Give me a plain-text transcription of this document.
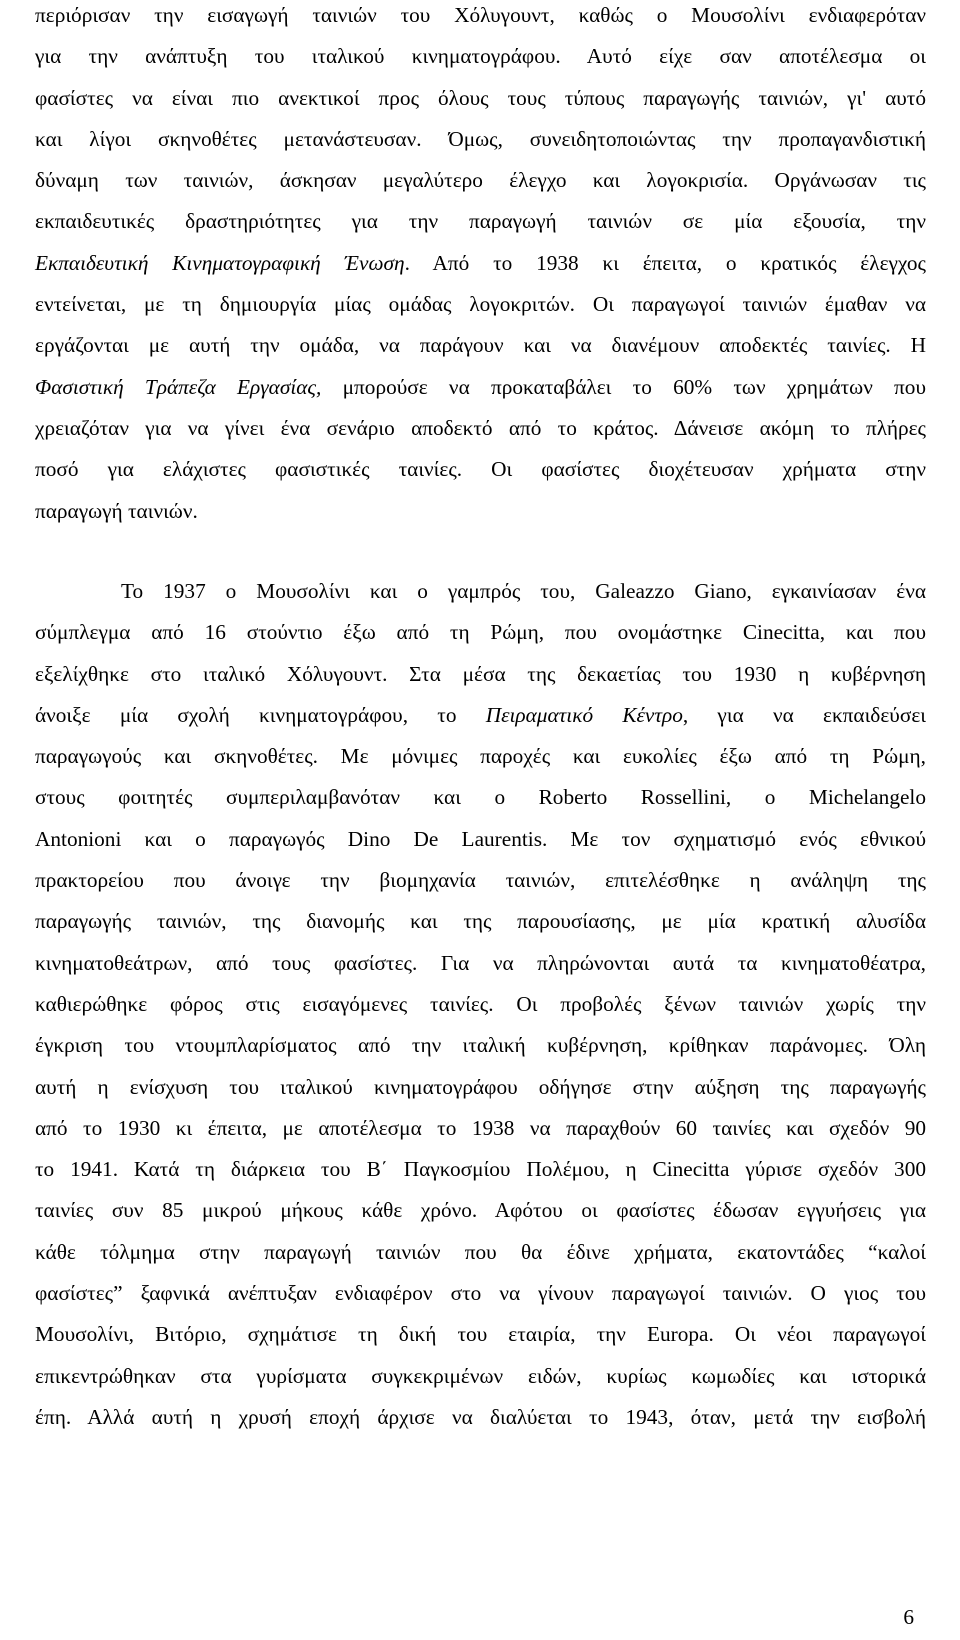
περιόρισαν την εισαγωγή ταινιών του Χόλυγουντ, καθώς ο Μουσολίνι ενδιαφερόταν
για την ανάπτυξη του ιταλικού κινηματογράφου. Αυτό είχε σαν αποτέλεσμα οι
φασίστες να είναι πιο ανεκτικοί προς όλους τους τύπους παραγωγής ταινιών, γι' αυτό
και λίγοι σκηνοθέτες μετανάστευσαν. Όμως, συνειδητοποιώντας την προπαγανδιστική
δύναμη των ταινιών, άσκησαν μεγαλύτερο έλεγχο και λογοκρισία. Οργάνωσαν τις
εκπαιδευτικές δραστηριότητες για την παραγωγή ταινιών σε μία εξουσία, την
Εκπαιδευτική Κινηματογραφική Ένωση. Από το 1938 κι έπειτα, ο κρατικός έλεγχος
εντείνεται, με τη δημιουργία μίας ομάδας λογοκριτών. Οι παραγωγοί ταινιών έμαθαν να
εργάζονται με αυτή την ομάδα, να παράγουν και να διανέμουν αποδεκτές ταινίες. Η
Φασιστική Τράπεζα Εργασίας, μπορούσε να προκαταβάλει το 60% των χρημάτων που
χρειαζόταν για να γίνει ένα σενάριο αποδεκτό από το κράτος. Δάνεισε ακόμη το πλήρες
ποσό για ελάχιστες φασιστικές ταινίες. Οι φασίστες διοχέτευσαν χρήματα στην
παραγωγή ταινιών.
Το 1937 ο Μουσολίνι και ο γαμπρός του, Galeazzo Giano, εγκαινίασαν ένα
σύμπλεγμα από 16 στούντιο έξω από τη Ρώμη, που ονομάστηκε Cinecitta, και που
εξελίχθηκε στο ιταλικό Χόλυγουντ. Στα μέσα της δεκαετίας του 1930 η κυβέρνηση
άνοιξε μία σχολή κινηματογράφου, το Πειραματικό Κέντρο, για να εκπαιδεύσει
παραγωγούς και σκηνοθέτες. Με μόνιμες παροχές και ευκολίες έξω από τη Ρώμη,
στους φοιτητές συμπεριλαμβανόταν και ο Roberto Rossellini, ο Michelangelo
Antonioni και ο παραγωγός Dino De Laurentis. Με τον σχηματισμό ενός εθνικού
πρακτορείου που άνοιγε την βιομηχανία ταινιών, επιτελέσθηκε η ανάληψη της
παραγωγής ταινιών, της διανομής και της παρουσίασης, με μία κρατική αλυσίδα
κινηματοθεάτρων, από τους φασίστες. Για να πληρώνονται αυτά τα κινηματοθέατρα,
καθιερώθηκε φόρος στις εισαγόμενες ταινίες. Οι προβολές ξένων ταινιών χωρίς την
έγκριση του ντουμπλαρίσματος από την ιταλική κυβέρνηση, κρίθηκαν παράνομες. Όλη
αυτή η ενίσχυση του ιταλικού κινηματογράφου οδήγησε στην αύξηση της παραγωγής
από το 1930 κι έπειτα, με αποτέλεσμα το 1938 να παραχθούν 60 ταινίες και σχεδόν 90
το 1941. Κατά τη διάρκεια του Β΄ Παγκοσμίου Πολέμου, η Cinecitta γύρισε σχεδόν 300
ταινίες συν 85 μικρού μήκους κάθε χρόνο. Αφότου οι φασίστες έδωσαν εγγυήσεις για
κάθε τόλμημα στην παραγωγή ταινιών που θα έδινε χρήματα, εκατοντάδες “καλοί
φασίστες” ξαφνικά ανέπτυξαν ενδιαφέρον στο να γίνουν παραγωγοί ταινιών. Ο γιος του
Μουσολίνι, Βιτόριο, σχημάτισε τη δική του εταιρία, την Europa. Οι νέοι παραγωγοί
επικεντρώθηκαν στα γυρίσματα συγκεκριμένων ειδών, κυρίως κωμωδίες και ιστορικά
έπη. Αλλά αυτή η χρυσή εποχή άρχισε να διαλύεται το 1943, όταν, μετά την εισβολή
6
